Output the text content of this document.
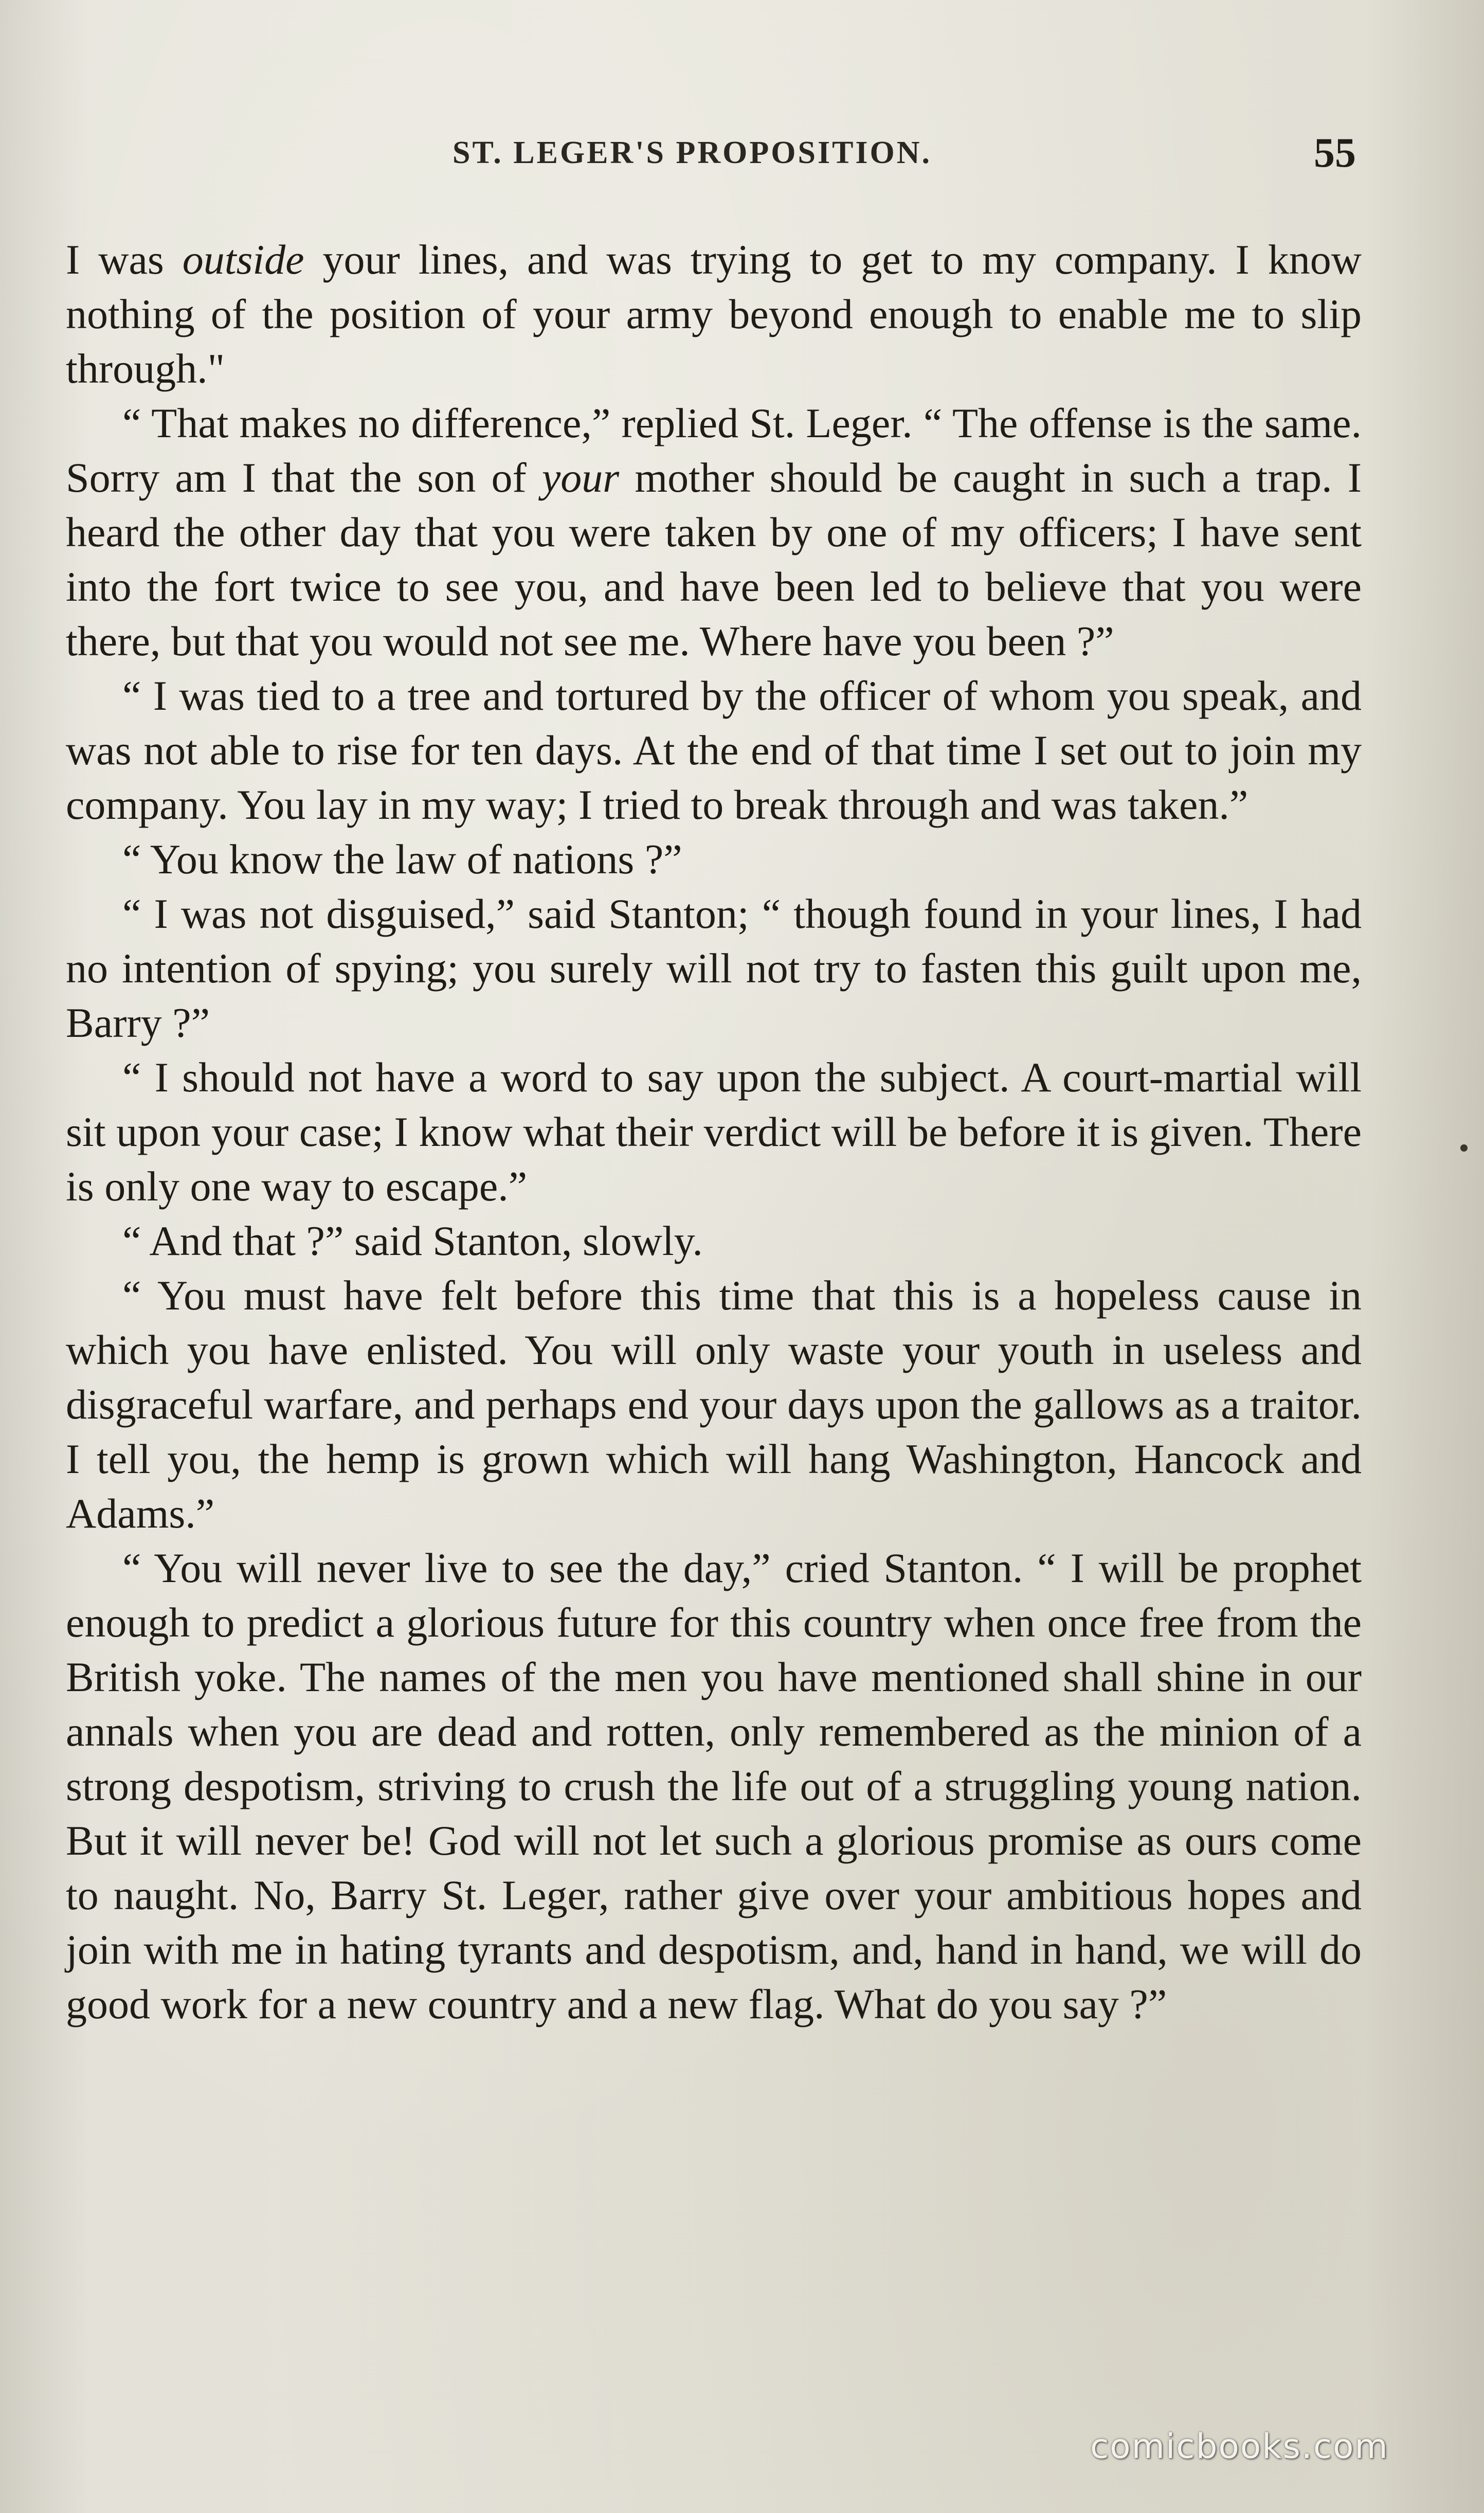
ST. LEGER'S PROPOSITION.	55

I was outside your lines, and was trying to get to my company. I know nothing of the position of your army beyond enough to enable me to slip through."

“ That makes no difference,” replied St. Leger. “ The offense is the same. Sorry am I that the son of your mother should be caught in such a trap. I heard the other day that you were taken by one of my officers; I have sent into the fort twice to see you, and have been led to believe that you were there, but that you would not see me. Where have you been ?”

“ I was tied to a tree and tortured by the officer of whom you speak, and was not able to rise for ten days. At the end of that time I set out to join my company. You lay in my way; I tried to break through and was taken.”

“ You know the law of nations ?”

“ I was not disguised,” said Stanton; “ though found in your lines, I had no intention of spying; you surely will not try to fasten this guilt upon me, Barry ?”

“ I should not have a word to say upon the subject. A court-martial will sit upon your case; I know what their verdict will be before it is given. There is only one way to escape.”

“ And that ?” said Stanton, slowly.

“ You must have felt before this time that this is a hopeless cause in which you have enlisted. You will only waste your youth in useless and disgraceful warfare, and perhaps end your days upon the gallows as a traitor. I tell you, the hemp is grown which will hang Washington, Hancock and Adams.”

“ You will never live to see the day,” cried Stanton. “ I will be prophet enough to predict a glorious future for this country when once free from the British yoke. The names of the men you have mentioned shall shine in our annals when you are dead and rotten, only remembered as the minion of a strong despotism, striving to crush the life out of a struggling young nation. But it will never be! God will not let such a glorious promise as ours come to naught. No, Barry St. Leger, rather give over your ambitious hopes and join with me in hating tyrants and despotism, and, hand in hand, we will do good work for a new country and a new flag. What do you say ?”

comicbooks.com
